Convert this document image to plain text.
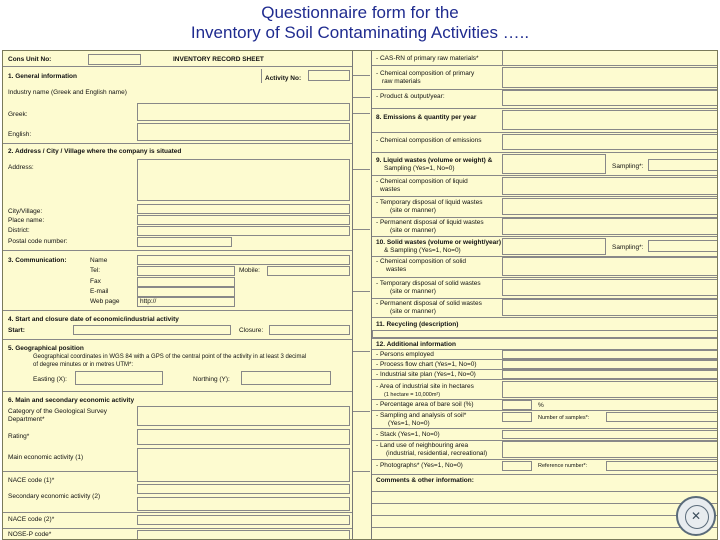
Questionnaire form for the
Inventory of Soil Contaminating Activities …..
Cons Unit No:	INVENTORY RECORD SHEET
1. General information	Activity No:
Industry name (Greek and English name)
Greek:
English:
2. Address / City / Village where the company is situated
Address:
City/Village:
Place name:
District:
Postal code number:
3. Communication:	Name
Tel:	Mobile:
Fax
E-mail
Web page	http://
4. Start and closure date of economic/industrial activity
Start:	Closure:
5. Geographical position
Geographical coordinates in WGS 84 with a GPS of the central point of the activity in at least 3 decimal
of degree minutes or in metres UTM*:
Easting (X):	Northing (Y):
6. Main and secondary economic activity
Category of the Geological Survey
Department*
Rating*
Main economic activity (1)
NACE code (1)*
Secondary economic activity (2)
NACE code (2)*
NOSE-P code*
- CAS-RN of primary raw materials*
- Chemical composition of primary
raw materials
- Product & output/year:
8. Emissions & quantity per year
- Chemical composition of emissions
9. Liquid wastes (volume or weight) &
Sampling (Yes=1, No=0)	Sampling*:
- Chemical composition of liquid
wastes
- Temporary disposal of liquid wastes
(site or manner)
- Permanent disposal of liquid wastes
(site or manner)
10. Solid wastes (volume or weight/year)
& Sampling (Yes=1, No=0)	Sampling*:
- Chemical composition of solid
wastes
- Temporary disposal of solid wastes
(site or manner)
- Permanent disposal of solid wastes
(site or manner)
11. Recycling (description)
12. Additional information
- Persons employed
- Process flow chart (Yes=1, No=0)
- Industrial site plan (Yes=1, No=0)
- Area of industrial site in hectares
(1 hectare = 10,000m²)
- Percentage area of bare soil (%)	%
- Sampling and analysis of soil*
(Yes=1, No=0)
Number of samples*:
- Stack (Yes=1, No=0)
- Land use of neighbouring area
(industrial, residential, recreational)
- Photographs* (Yes=1, No=0)	Reference number*:
Comments & other information:
✕
